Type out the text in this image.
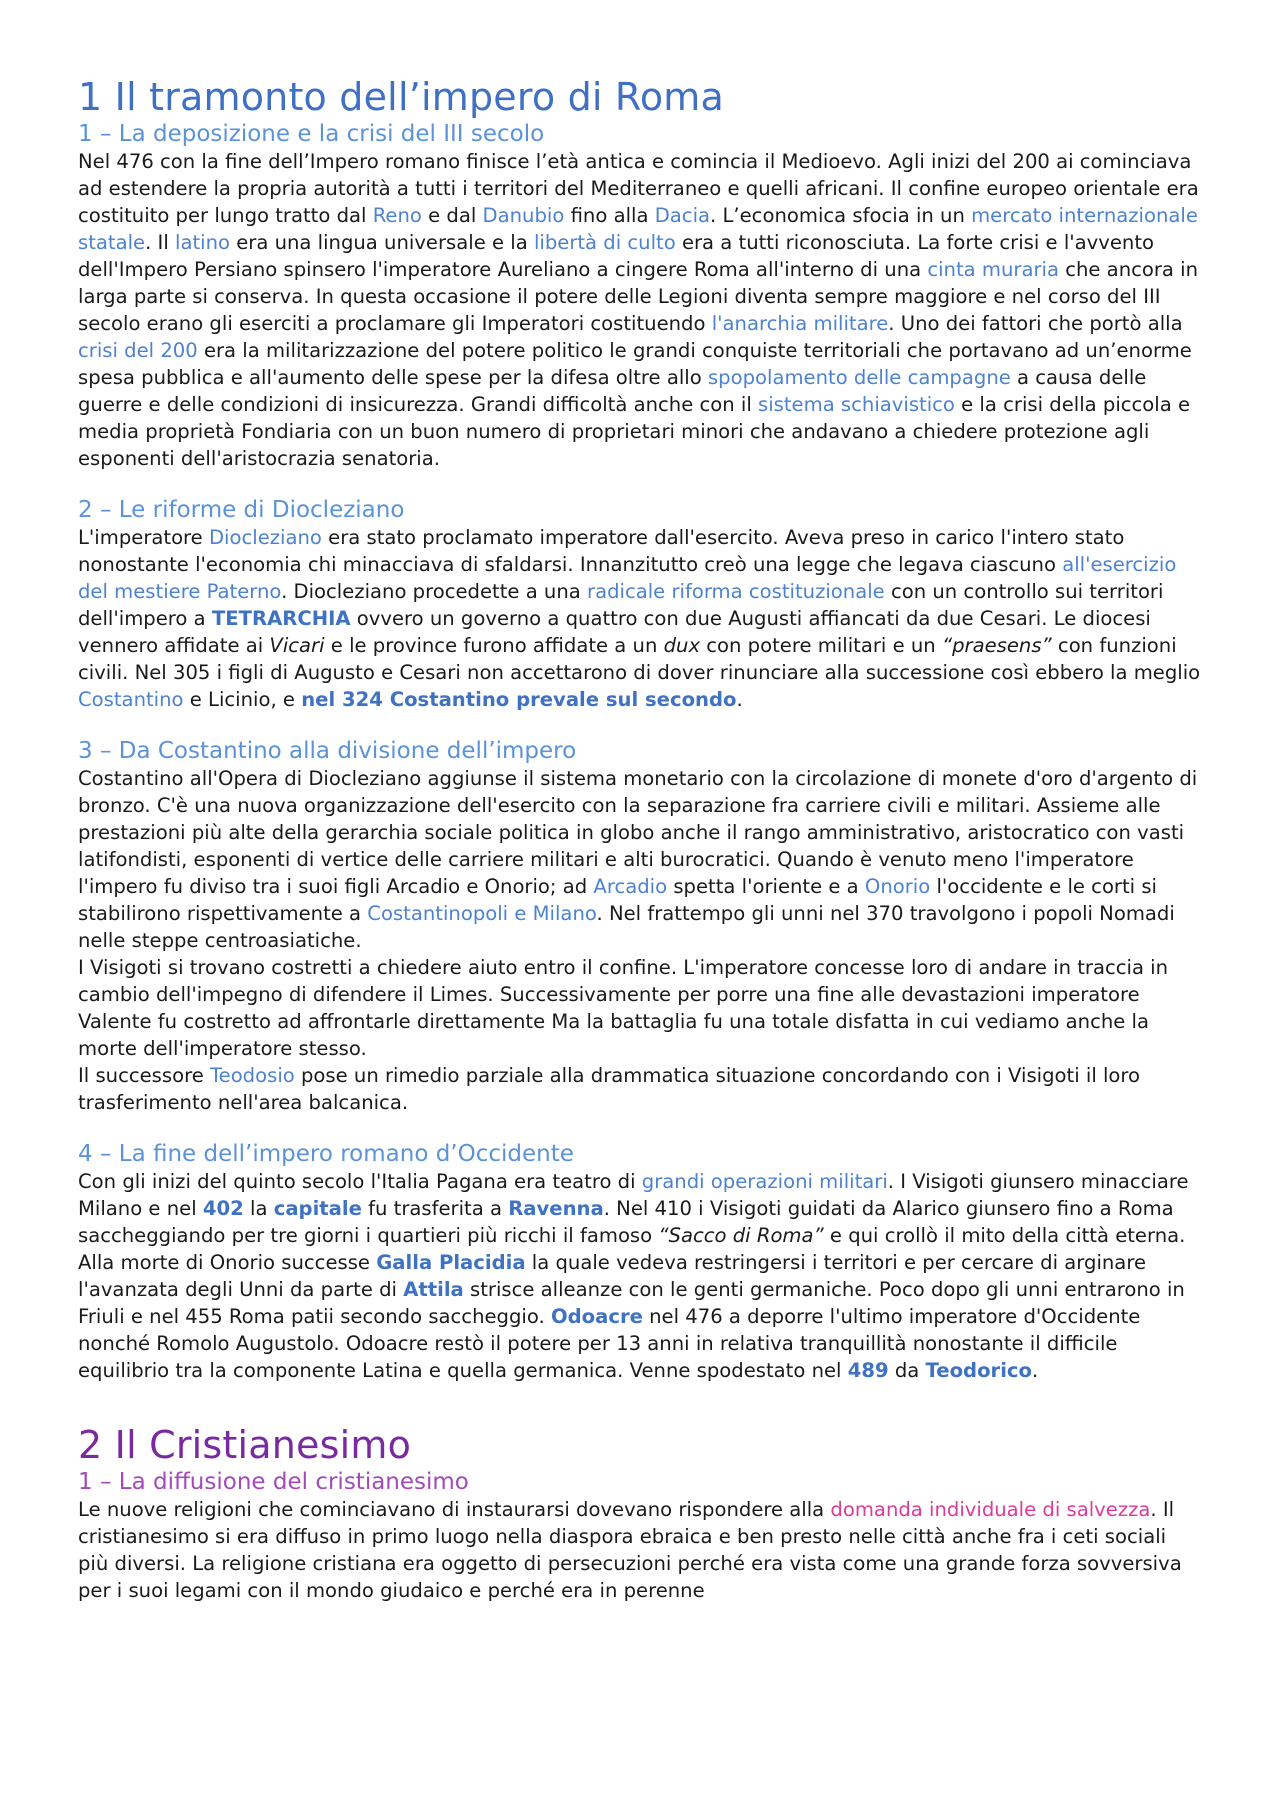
1 Il tramonto dell’impero di Roma
1 – La deposizione e la crisi del III secolo

Nel 476 con la fine dell’Impero romano finisce l’età antica e comincia il Medioevo. Agli inizi del 200 ai cominciava ad estendere la propria autorità a tutti i territori del Mediterraneo e quelli africani. Il confine europeo orientale era costituito per lungo tratto dal Reno e dal Danubio fino alla Dacia. L’economica sfocia in un mercato internazionale statale. Il latino era una lingua universale e la libertà di culto era a tutti riconosciuta. La forte crisi e l'avvento dell'Impero Persiano spinsero l'imperatore Aureliano a cingere Roma all'interno di una cinta muraria che ancora in larga parte si conserva. In questa occasione il potere delle Legioni diventa sempre maggiore e nel corso del III secolo erano gli eserciti a proclamare gli Imperatori costituendo l'anarchia militare. Uno dei fattori che portò alla crisi del 200 era la militarizzazione del potere politico le grandi conquiste territoriali che portavano ad un’enorme spesa pubblica e all'aumento delle spese per la difesa oltre allo spopolamento delle campagne a causa delle guerre e delle condizioni di insicurezza. Grandi difficoltà anche con il sistema schiavistico e la crisi della piccola e media proprietà Fondiaria con un buon numero di proprietari minori che andavano a chiedere protezione agli esponenti dell'aristocrazia senatoria.

2 – Le riforme di Diocleziano

L'imperatore Diocleziano era stato proclamato imperatore dall'esercito. Aveva preso in carico l'intero stato nonostante l'economia chi minacciava di sfaldarsi. Innanzitutto creò una legge che legava ciascuno all'esercizio del mestiere Paterno. Diocleziano procedette a una radicale riforma costituzionale con un controllo sui territori dell'impero a TETRARCHIA ovvero un governo a quattro con due Augusti affiancati da due Cesari. Le diocesi vennero affidate ai Vicari e le province furono affidate a un dux con potere militari e un “praesens” con funzioni civili. Nel 305 i figli di Augusto e Cesari non accettarono di dover rinunciare alla successione così ebbero la meglio Costantino e Licinio, e nel 324 Costantino prevale sul secondo.

3 – Da Costantino alla divisione dell’impero

Costantino all'Opera di Diocleziano aggiunse il sistema monetario con la circolazione di monete d'oro d'argento di bronzo. C'è una nuova organizzazione dell'esercito con la separazione fra carriere civili e militari. Assieme alle prestazioni più alte della gerarchia sociale politica in globo anche il rango amministrativo, aristocratico con vasti latifondisti, esponenti di vertice delle carriere militari e alti burocratici. Quando è venuto meno l'imperatore l'impero fu diviso tra i suoi figli Arcadio e Onorio; ad Arcadio spetta l'oriente e a Onorio l'occidente e le corti si stabilirono rispettivamente a Costantinopoli e Milano. Nel frattempo gli unni nel 370 travolgono i popoli Nomadi nelle steppe centroasiatiche.

I Visigoti si trovano costretti a chiedere aiuto entro il confine. L'imperatore concesse loro di andare in traccia in cambio dell'impegno di difendere il Limes. Successivamente per porre una fine alle devastazioni imperatore Valente fu costretto ad affrontarle direttamente Ma la battaglia fu una totale disfatta in cui vediamo anche la morte dell'imperatore stesso.

Il successore Teodosio pose un rimedio parziale alla drammatica situazione concordando con i Visigoti il loro trasferimento nell'area balcanica.

4 – La fine dell’impero romano d’Occidente

Con gli inizi del quinto secolo l'Italia Pagana era teatro di grandi operazioni militari. I Visigoti giunsero minacciare Milano e nel 402 la capitale fu trasferita a Ravenna. Nel 410 i Visigoti guidati da Alarico giunsero fino a Roma saccheggiando per tre giorni i quartieri più ricchi il famoso “Sacco di Roma” e qui crollò il mito della città eterna. Alla morte di Onorio successe Galla Placidia la quale vedeva restringersi i territori e per cercare di arginare l'avanzata degli Unni da parte di Attila strisce alleanze con le genti germaniche. Poco dopo gli unni entrarono in Friuli e nel 455 Roma patii secondo saccheggio. Odoacre nel 476 a deporre l'ultimo imperatore d'Occidente nonché Romolo Augustolo. Odoacre restò il potere per 13 anni in relativa tranquillità nonostante il difficile equilibrio tra la componente Latina e quella germanica. Venne spodestato nel 489 da Teodorico.

2 Il Cristianesimo
1 – La diffusione del cristianesimo

Le nuove religioni che cominciavano di instaurarsi dovevano rispondere alla domanda individuale di salvezza. Il cristianesimo si era diffuso in primo luogo nella diaspora ebraica e ben presto nelle città anche fra i ceti sociali più diversi. La religione cristiana era oggetto di persecuzioni perché era vista come una grande forza sovversiva per i suoi legami con il mondo giudaico e perché era in perenne
